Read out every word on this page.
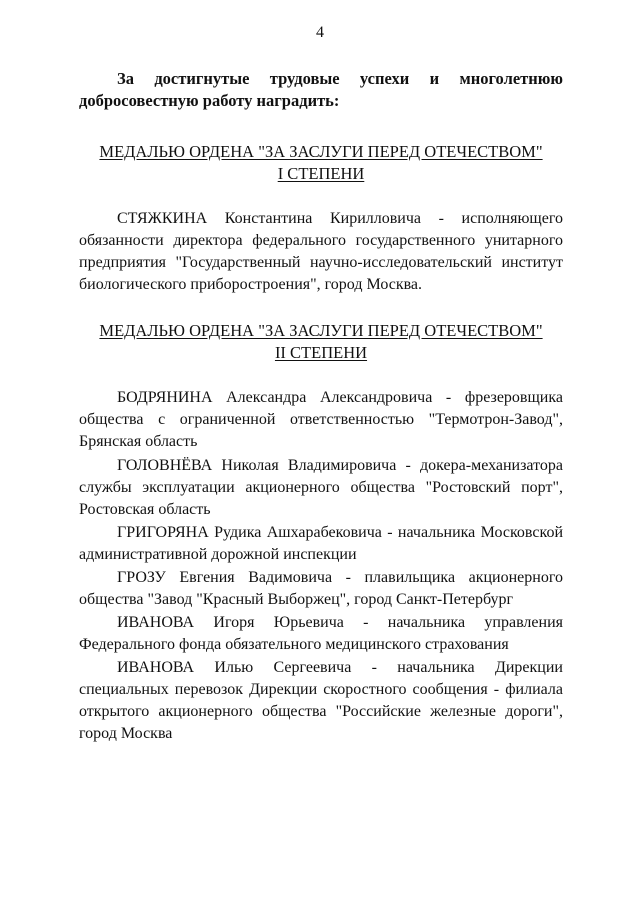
4
За достигнутые трудовые успехи и многолетнюю
добросовестную работу наградить:
МЕДАЛЬЮ ОРДЕНА "ЗА ЗАСЛУГИ ПЕРЕД ОТЕЧЕСТВОМ"
I СТЕПЕНИ
СТЯЖКИНА Константина Кирилловича - исполняющего
обязанности директора федерального государственного унитарного
предприятия "Государственный научно-исследовательский институт
биологического приборостроения", город Москва.
МЕДАЛЬЮ ОРДЕНА "ЗА ЗАСЛУГИ ПЕРЕД ОТЕЧЕСТВОМ"
II СТЕПЕНИ
БОДРЯНИНА Александра Александровича - фрезеровщика
общества с ограниченной ответственностью "Термотрон-Завод",
Брянская область
ГОЛОВНЁВА Николая Владимировича - докера-механизатора
службы эксплуатации акционерного общества "Ростовский порт",
Ростовская область
ГРИГОРЯНА Рудика Ашхарабековича - начальника Московской
административной дорожной инспекции
ГРОЗУ Евгения Вадимовича - плавильщика акционерного
общества "Завод "Красный Выборжец", город Санкт-Петербург
ИВАНОВА Игоря Юрьевича - начальника управления
Федерального фонда обязательного медицинского страхования
ИВАНОВА Илью Сергеевича - начальника Дирекции
специальных перевозок Дирекции скоростного сообщения - филиала
открытого акционерного общества "Российские железные дороги",
город Москва
